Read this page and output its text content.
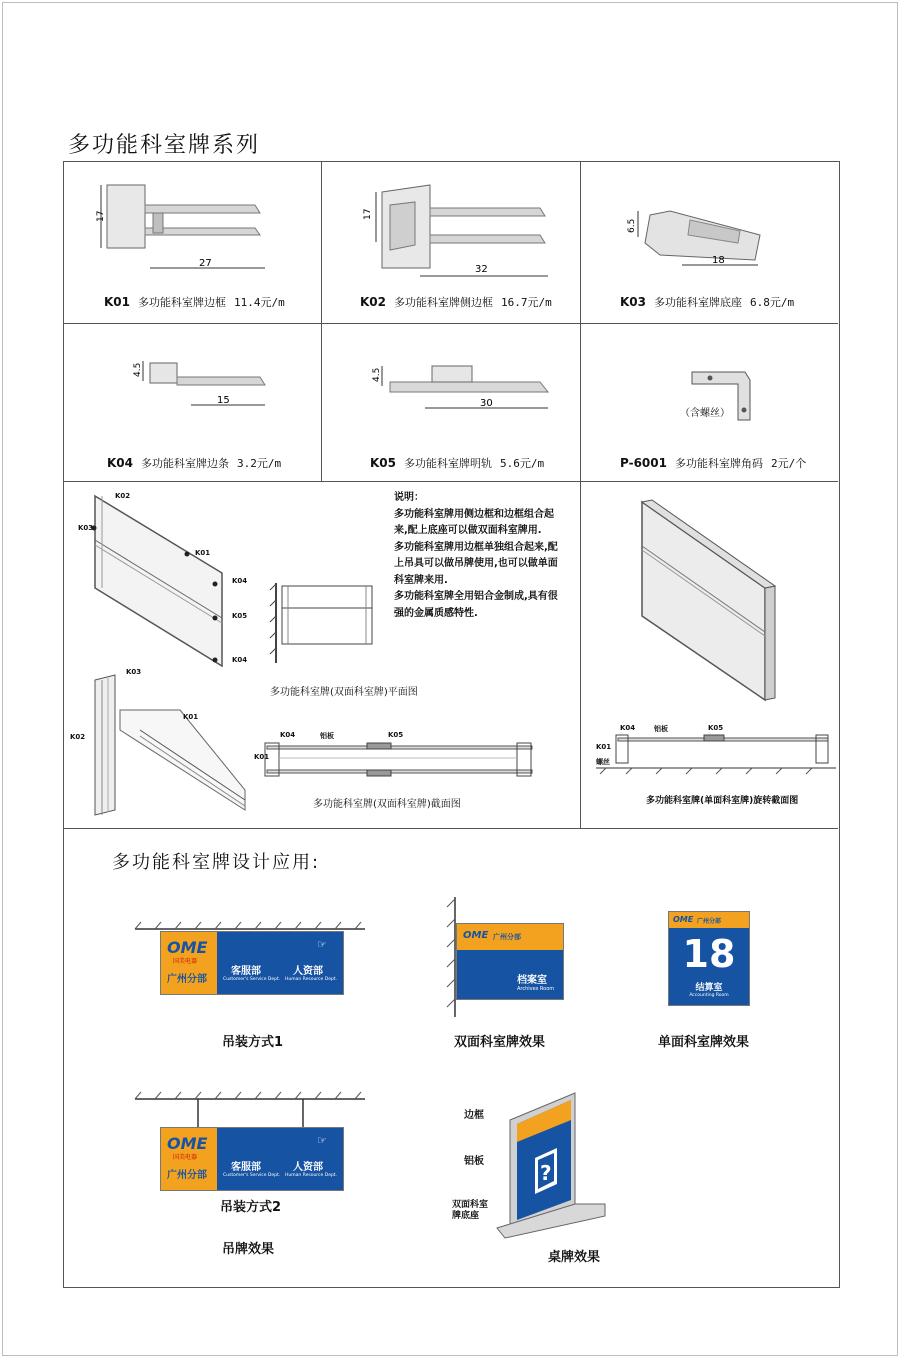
多功能科室牌系列
17
27
K01 多功能科室牌边框 11.4元/m
17
32
K02 多功能科室牌侧边框 16.7元/m
6.5
18
K03 多功能科室牌底座 6.8元/m
4.5
15
K04 多功能科室牌边条 3.2元/m
4.5
30
K05 多功能科室牌明轨 5.6元/m
（含螺丝）
P-6001 多功能科室牌角码 2元/个
K02
K03
K01
K04
K05
K04
说明：
多功能科室牌用侧边框和边框组合起
来,配上底座可以做双面科室牌用.
多功能科室牌用边框单独组合起来,配
上吊具可以做吊牌使用,也可以做单面
科室牌来用.
多功能科室牌全用铝合金制成,具有很
强的金属质感特性.
多功能科室牌(双面科室牌)平面图
K03
K01
K02	K04	铝板	K05
K01
多功能科室牌(双面科室牌)截面图
K04	铝板	K05
K01
螺丝
多功能科室牌(单面科室牌)旋转截面图
多功能科室牌设计应用:
OME
国美电器
广州分部
☞
客服部
Customer's Service Dept.
人资部
Human Resource Dept.
吊装方式1
OME 广州分部
档案室
Archives Room
双面科室牌效果
OME 广州分部
18
结算室
Accounting Room
单面科室牌效果
OME
国美电器
广州分部
☞
客服部
Customer's Service Dept.
人资部
Human Resource Dept.
吊装方式2
吊牌效果
?
边框
铝板
双面科室牌底座
桌牌效果
